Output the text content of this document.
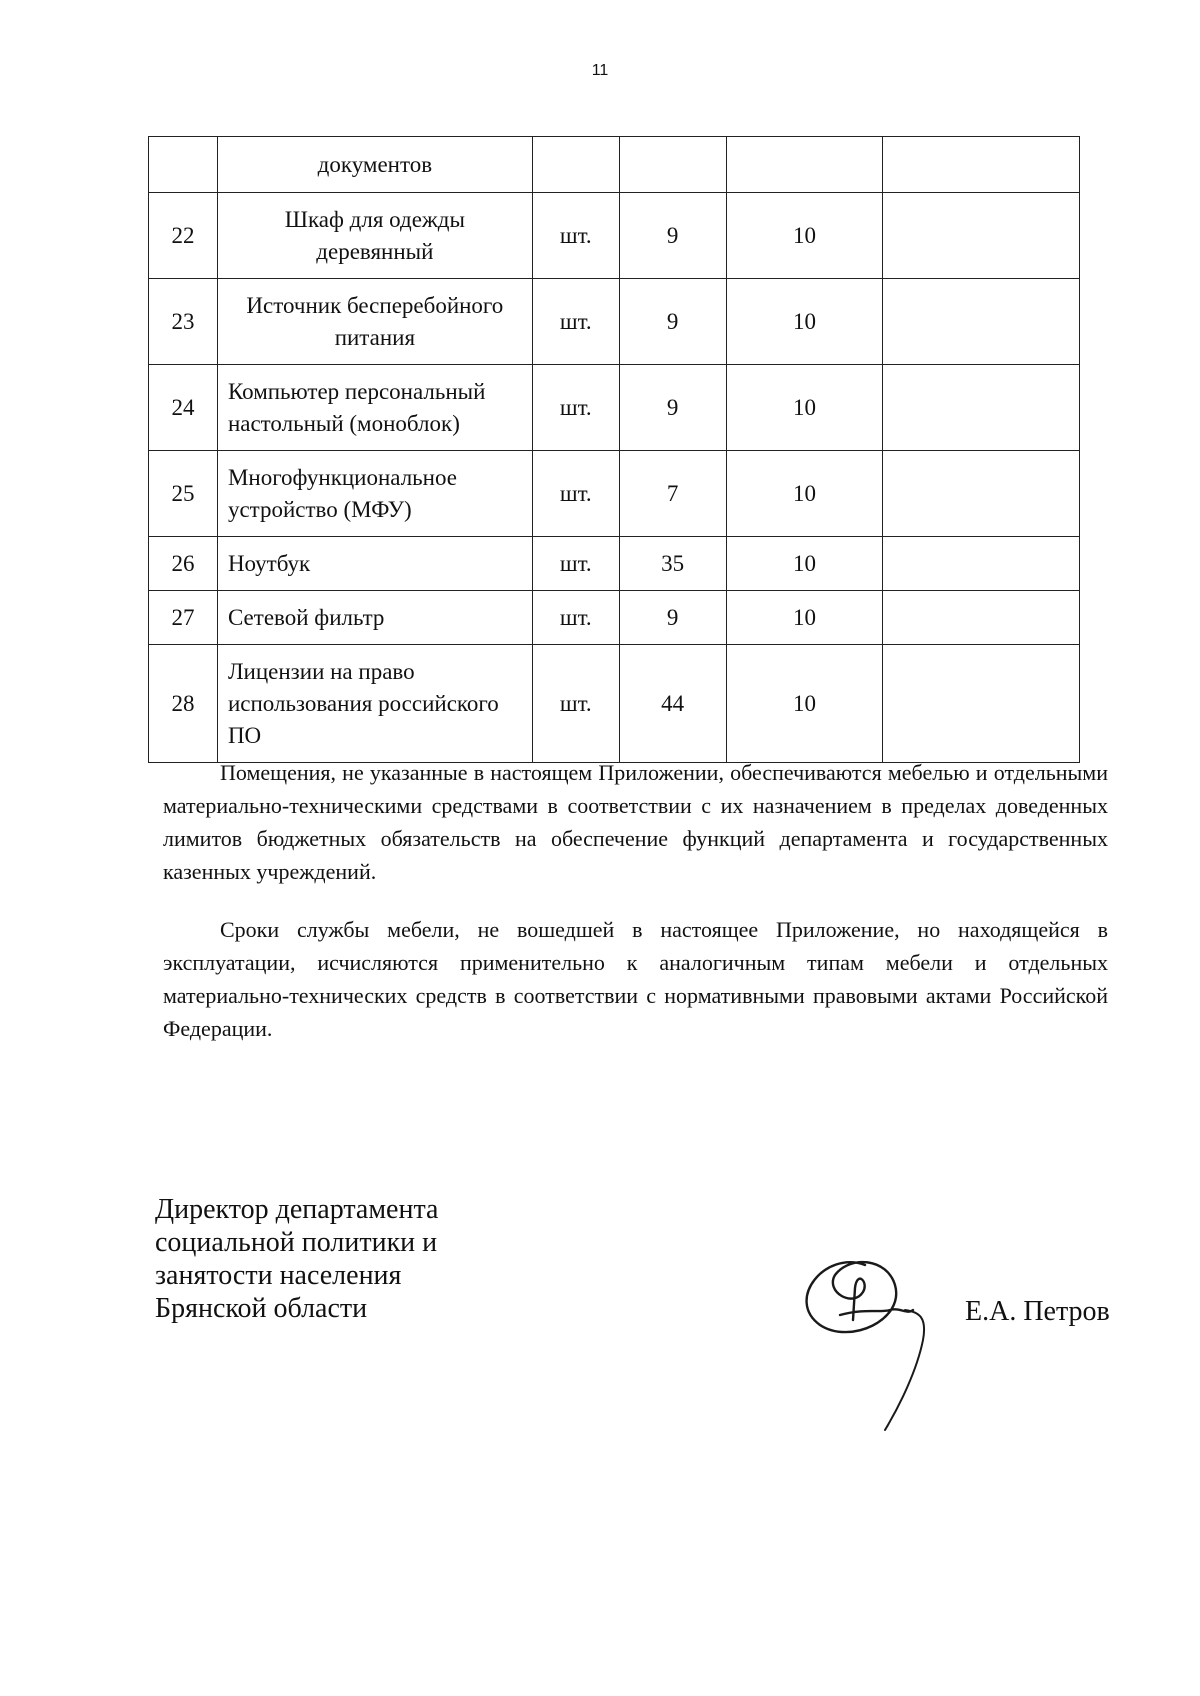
11
	документов				
22	Шкаф для одежды деревянный	шт.	9	10	
23	Источник бесперебойного питания	шт.	9	10	
24	Компьютер персональный настольный (моноблок)	шт.	9	10	
25	Многофункциональное устройство (МФУ)	шт.	7	10	
26	Ноутбук	шт.	35	10	
27	Сетевой фильтр	шт.	9	10	
28	Лицензии на право использования российского ПО	шт.	44	10	

Помещения, не указанные в настоящем Приложении, обеспечиваются мебелью и отдельными материально-техническими средствами в соответствии с их назначением в пределах доведенных лимитов бюджетных обязательств на обеспечение функций департамента и государственных казенных учреждений.

Сроки службы мебели, не вошедшей в настоящее Приложение, но находящейся в эксплуатации, исчисляются применительно к аналогичным типам мебели и отдельных материально-технических средств в соответствии с нормативными правовыми актами Российской Федерации.

Директор департамента
социальной политики и
занятости населения
Брянской области	Е.А. Петров
